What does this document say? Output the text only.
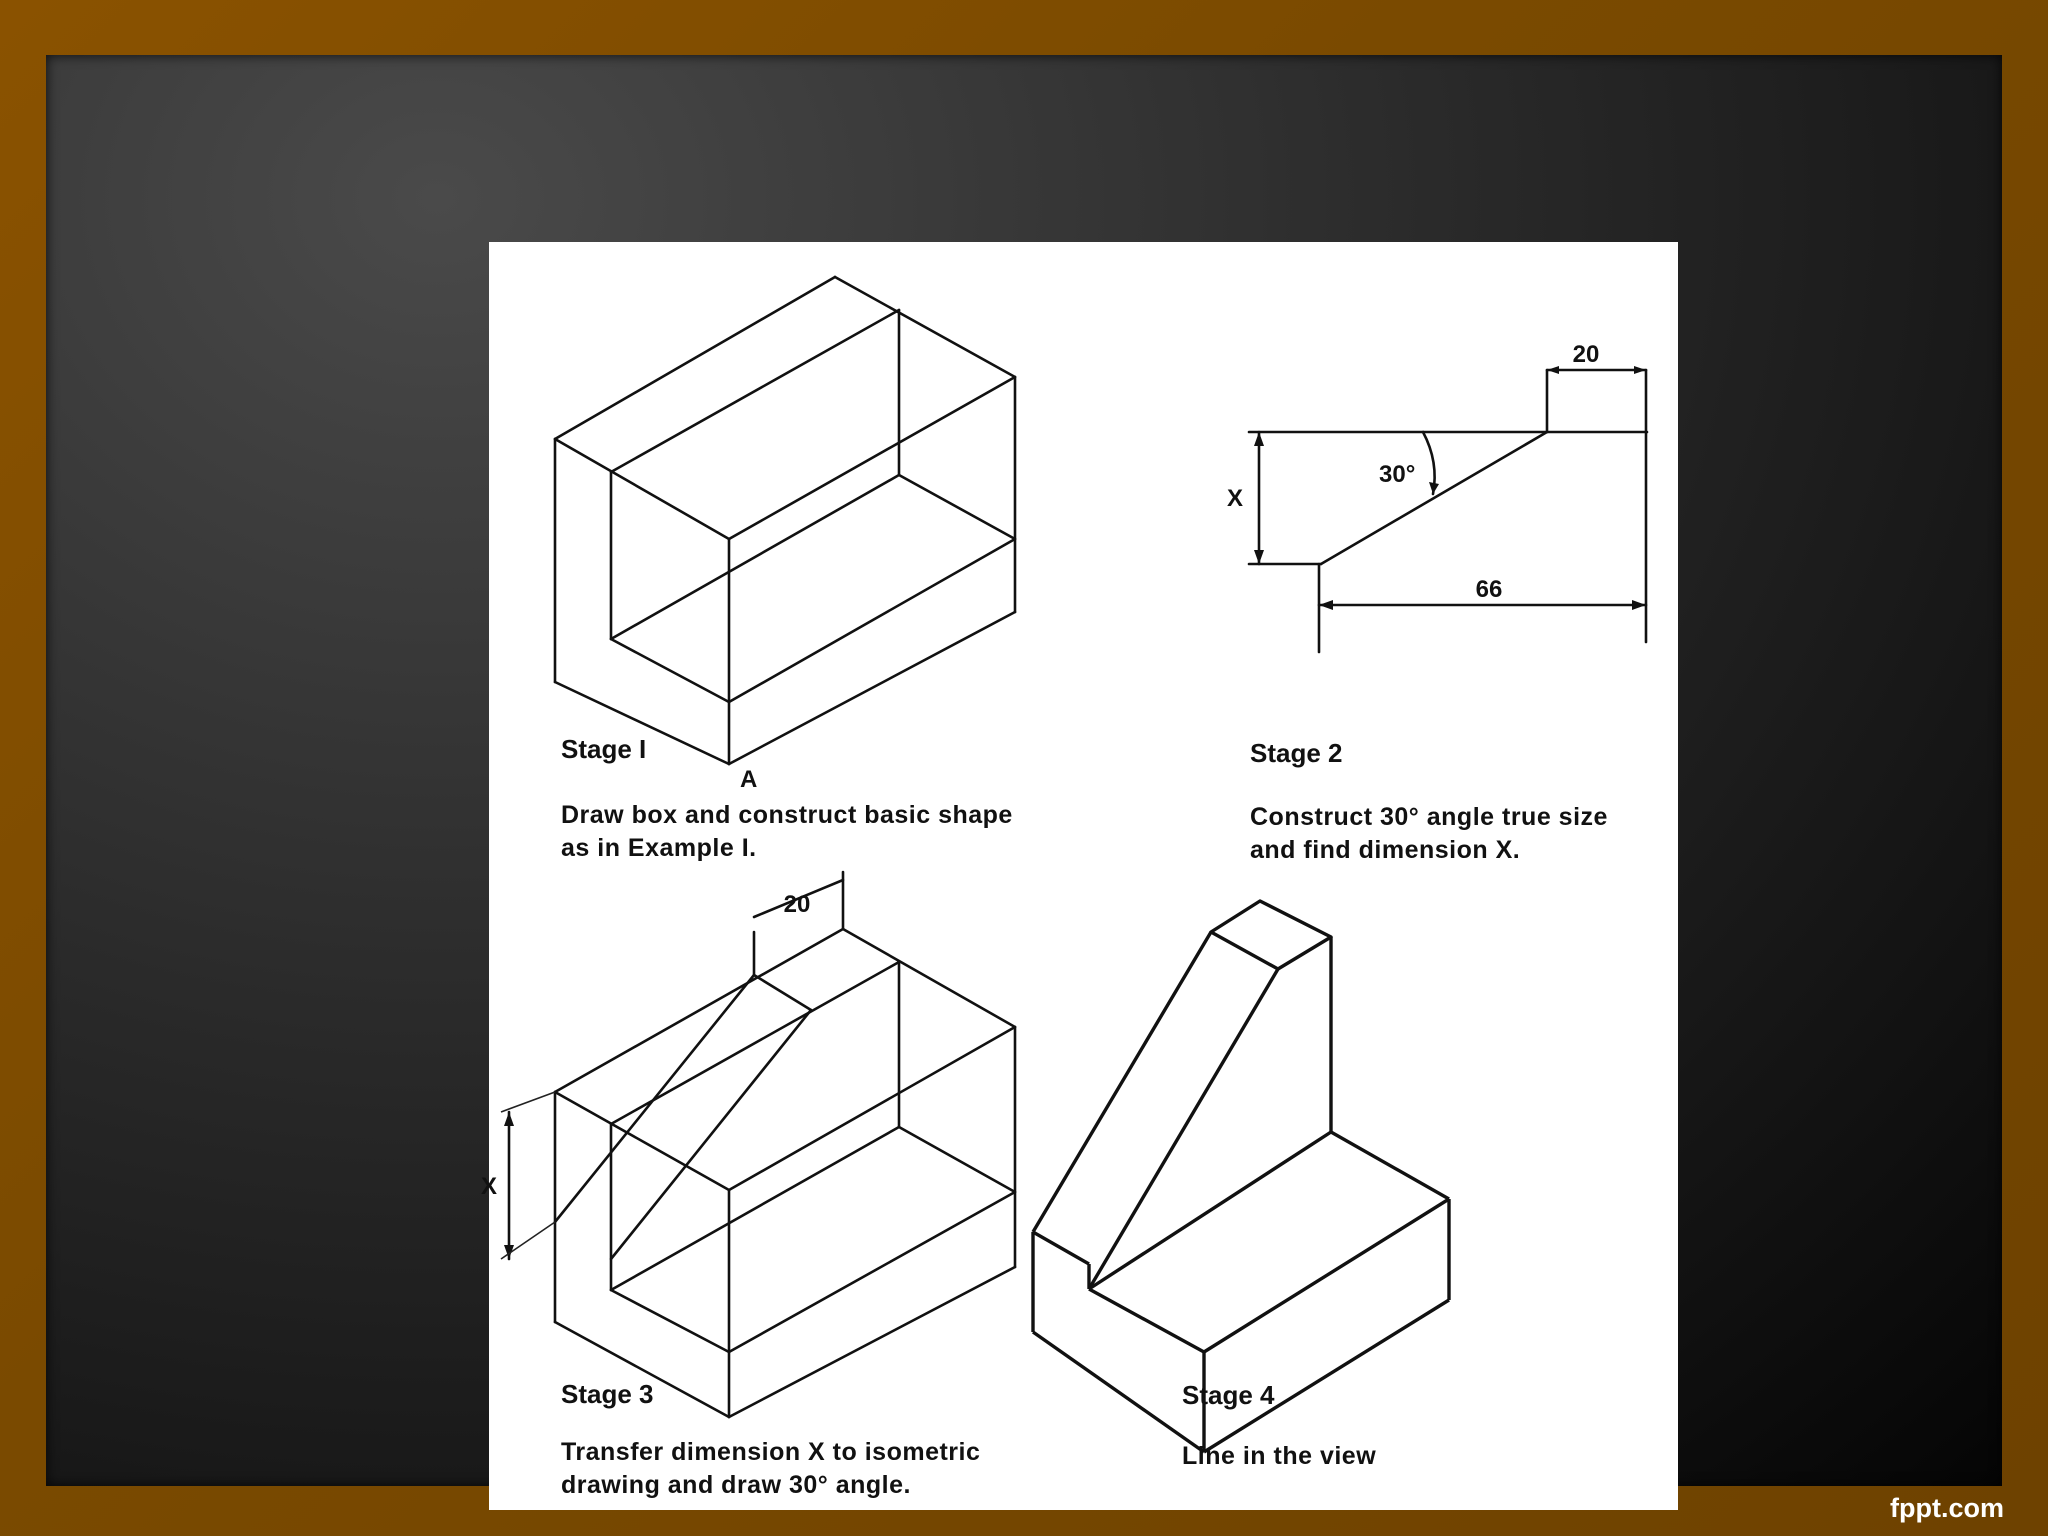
A
20
66
30°
X
20
X
Stage I
Draw box and construct basic shape
as in Example I.
Stage 2
Construct 30° angle true size
and find dimension X.
Stage 3
Transfer dimension X to isometric
drawing and draw 30° angle.
Stage 4
Line in the view
fppt.com
